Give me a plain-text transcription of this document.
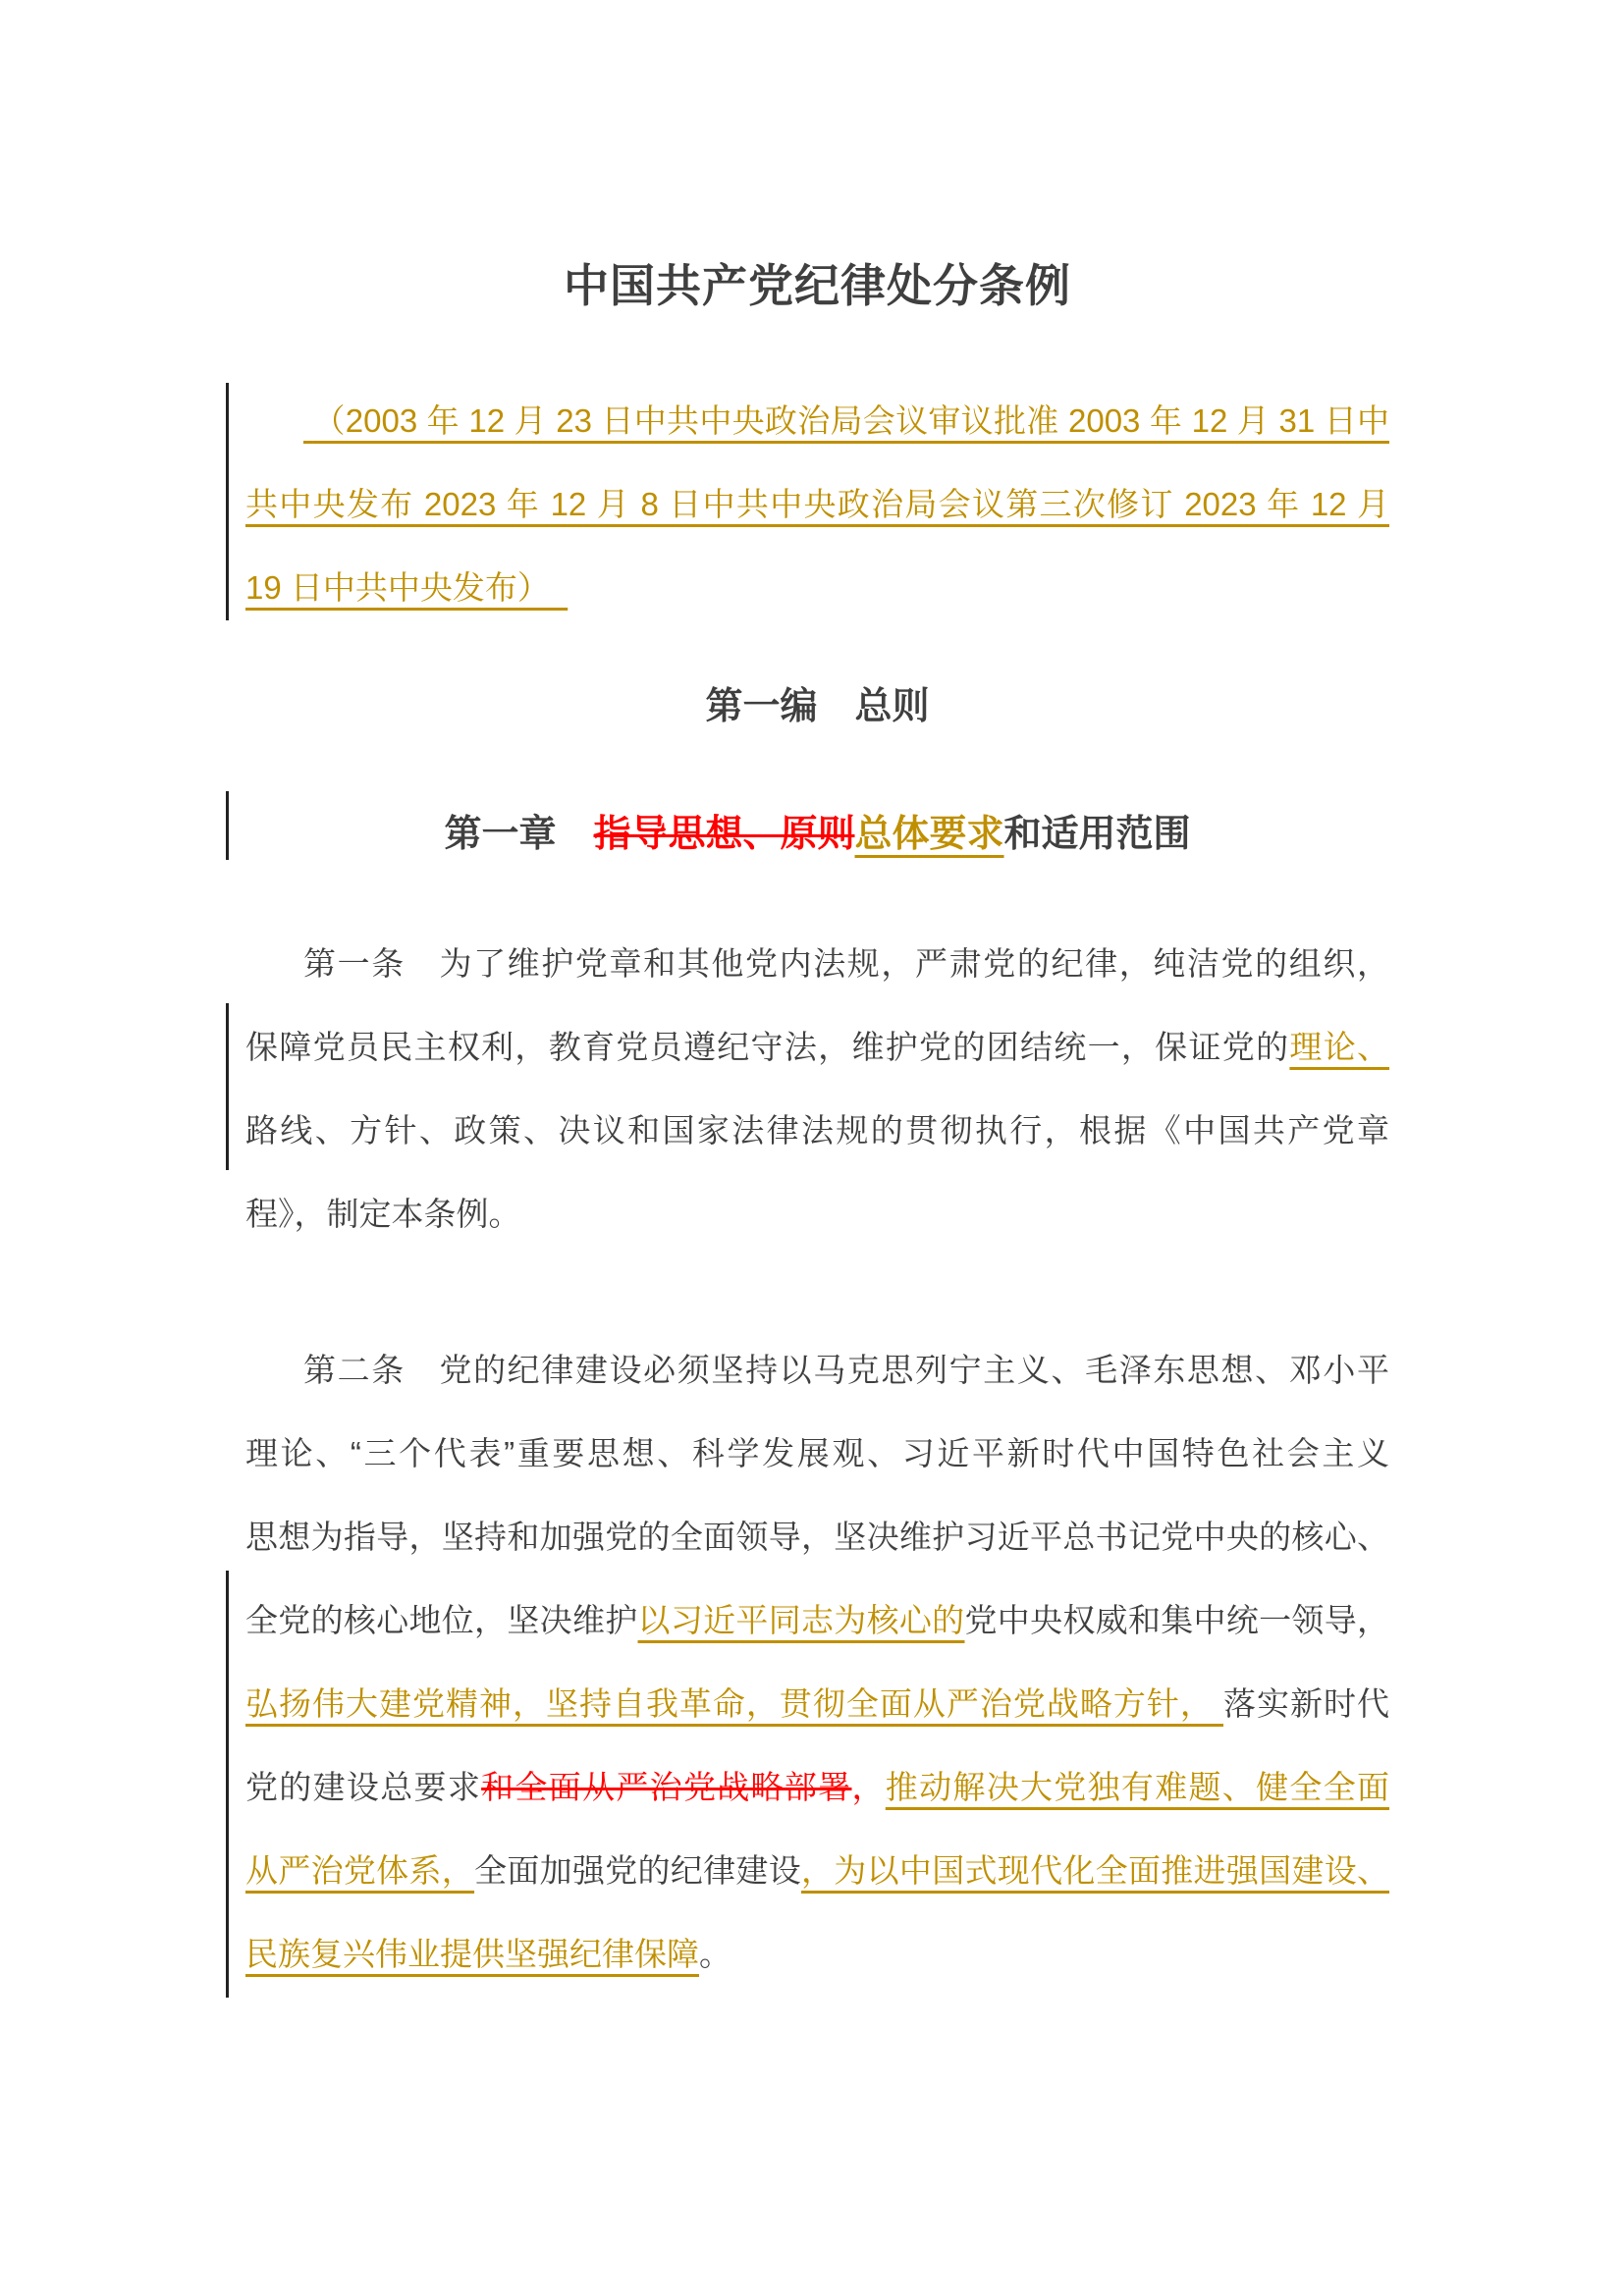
中国共产党纪律处分条例
（2003 年 12 月 23 日中共中央政治局会议审议批准 2003 年 12 月 31 日中
共中央发布 2023 年 12 月 8 日中共中央政治局会议第三次修订 2023 年 12 月
19 日中共中央发布）
第一编　总则
第一章　指导思想、原则总体要求和适用范围
第一条　为了维护党章和其他党内法规，严肃党的纪律，纯洁党的组织，
保障党员民主权利，教育党员遵纪守法，维护党的团结统一，保证党的理论、
路线、方针、政策、决议和国家法律法规的贯彻执行，根据《中国共产党章
程》，制定本条例。
第二条　党的纪律建设必须坚持以马克思列宁主义、毛泽东思想、邓小平
理论、“三个代表”重要思想、科学发展观、习近平新时代中国特色社会主义
思想为指导，坚持和加强党的全面领导，坚决维护习近平总书记党中央的核心、
全党的核心地位，坚决维护以习近平同志为核心的党中央权威和集中统一领导，
弘扬伟大建党精神，坚持自我革命，贯彻全面从严治党战略方针， 落实新时代
党的建设总要求和全面从严治党战略部署，推动解决大党独有难题、健全全面
从严治党体系，全面加强党的纪律建设，为以中国式现代化全面推进强国建设、
民族复兴伟业提供坚强纪律保障。
